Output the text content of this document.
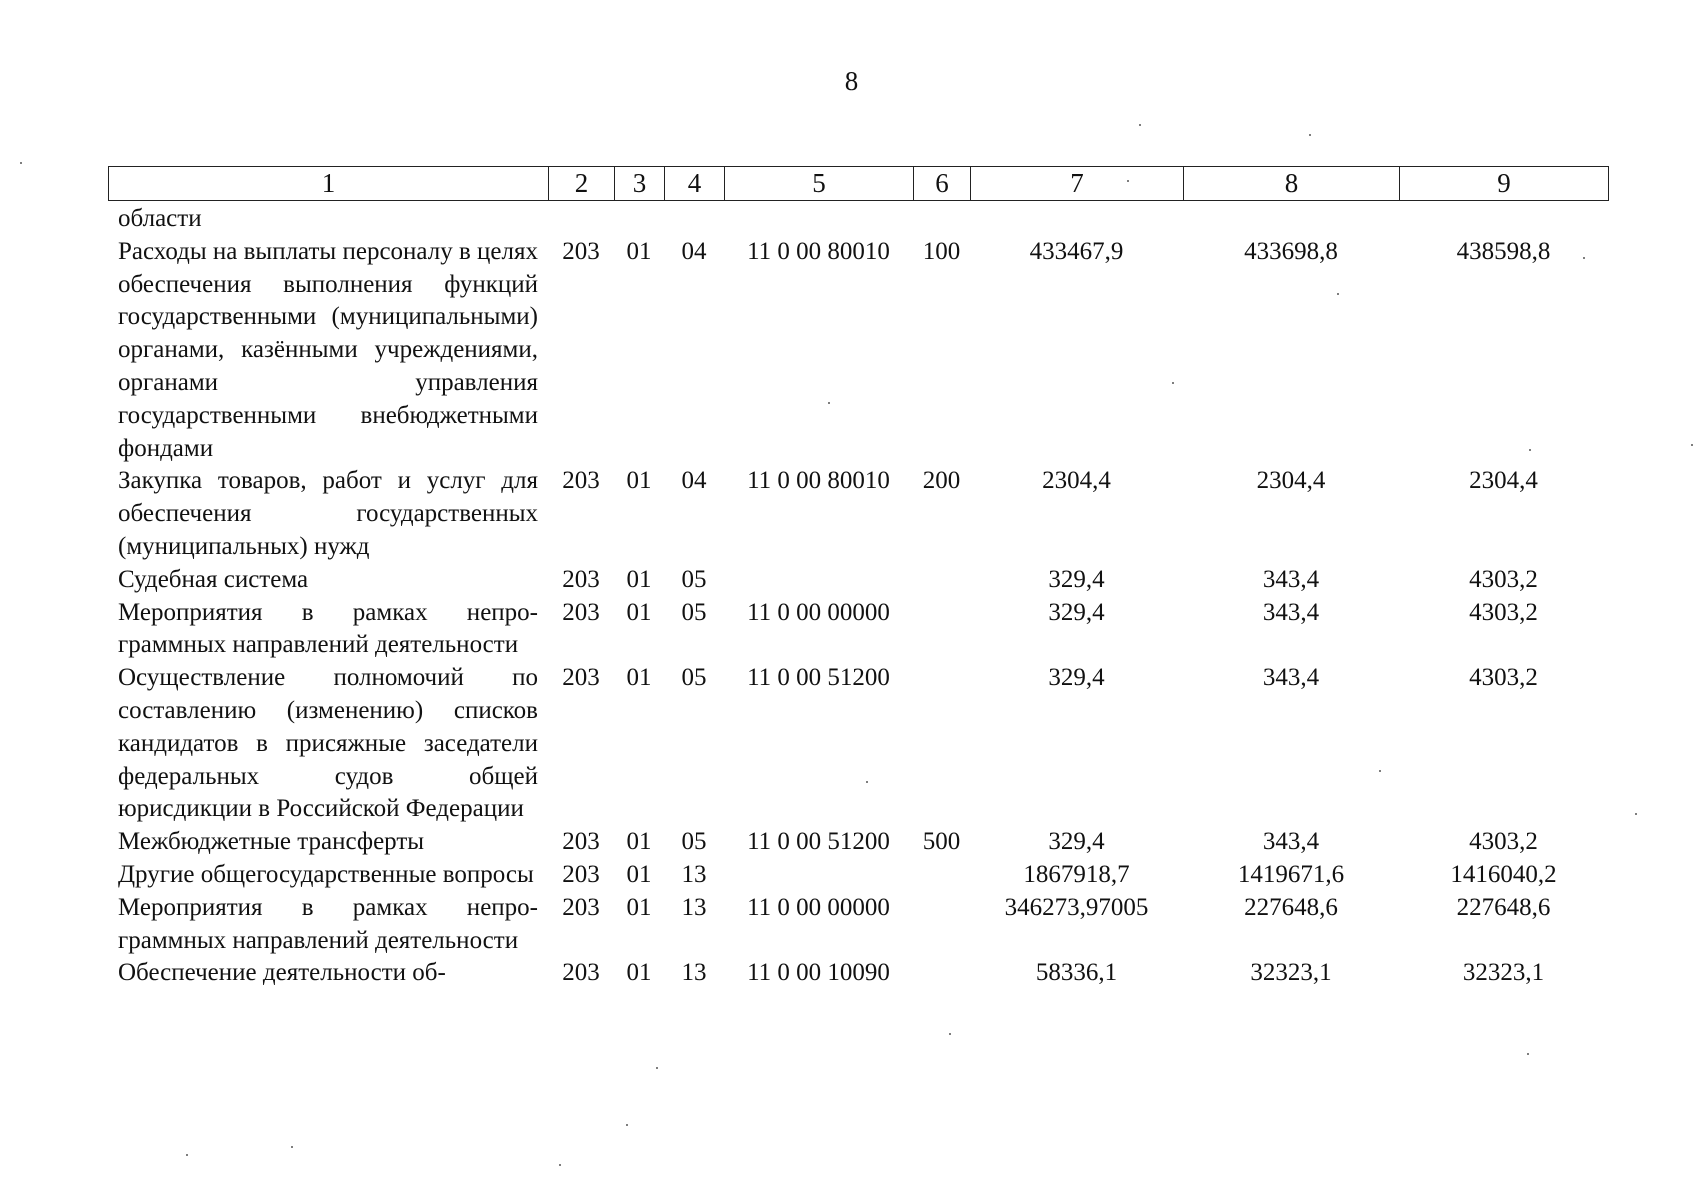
8
1	2	3	4	5	6	7	8	9
области								
Расходы на выплаты персоналу в целях обеспечения выполнения функций государственными (муниципальными) органами, казёнными учреждениями, органами управления государственными внебюджетными фондами	203	01	04	11 0 00 80010	100	433467,9	433698,8	438598,8
Закупка товаров, работ и услуг для обеспечения государственных (муниципальных) нужд	203	01	04	11 0 00 80010	200	2304,4	2304,4	2304,4
Судебная система	203	01	05			329,4	343,4	4303,2
Мероприятия в рамках непрограммных направлений деятельности	203	01	05	11 0 00 00000		329,4	343,4	4303,2
Осуществление полномочий по составлению (изменению) списков кандидатов в присяжные заседатели федеральных судов общей юрисдикции в Российской Федерации	203	01	05	11 0 00 51200		329,4	343,4	4303,2
Межбюджетные трансферты	203	01	05	11 0 00 51200	500	329,4	343,4	4303,2
Другие общегосударственные вопросы	203	01	13			1867918,7	1419671,6	1416040,2
Мероприятия в рамках непрограммных направлений деятельности	203	01	13	11 0 00 00000		346273,97005	227648,6	227648,6
Обеспечение деятельности об-	203	01	13	11 0 00 10090		58336,1	32323,1	32323,1
